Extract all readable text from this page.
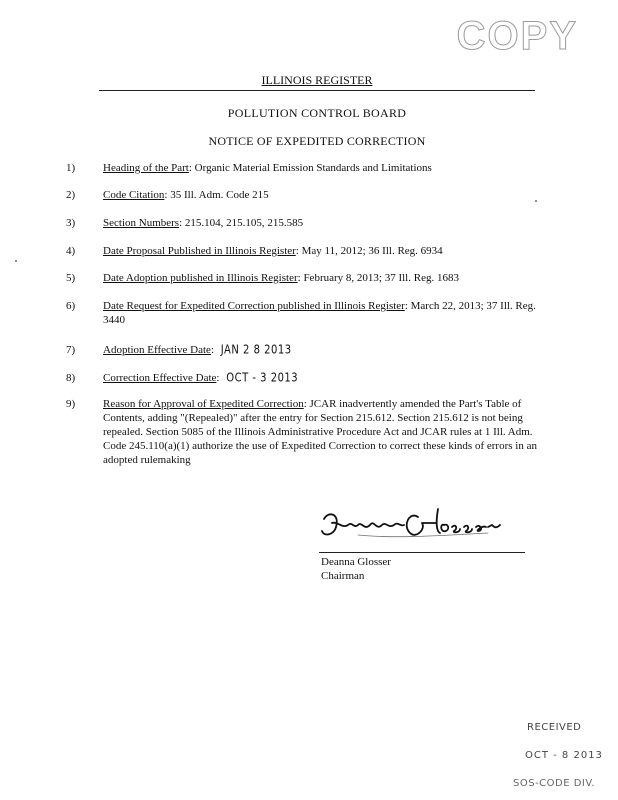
COPY
ILLINOIS REGISTER
POLLUTION CONTROL BOARD
NOTICE OF EXPEDITED CORRECTION
1)	Heading of the Part: Organic Material Emission Standards and Limitations
2)	Code Citation: 35 Ill. Adm. Code 215
3)	Section Numbers: 215.104, 215.105, 215.585
4)	Date Proposal Published in Illinois Register: May 11, 2012; 36 Ill. Reg. 6934
5)	Date Adoption published in Illinois Register: February 8, 2013; 37 Ill. Reg. 1683
6)	Date Request for Expedited Correction published in Illinois Register: March 22, 2013; 37 Ill. Reg. 3440
7)	Adoption Effective Date: JAN 2 8 2013
8)	Correction Effective Date: OCT - 3 2013
9)	Reason for Approval of Expedited Correction: JCAR inadvertently amended the Part's Table of Contents, adding "(Repealed)" after the entry for Section 215.612. Section 215.612 is not being repealed. Section 5085 of the Illinois Administrative Procedure Act and JCAR rules at 1 Ill. Adm. Code 245.110(a)(1) authorize the use of Expedited Correction to correct these kinds of errors in an adopted rulemaking
Deanna Glosser
Chairman
RECEIVED
OCT - 8 2013
SOS-CODE DIV.
